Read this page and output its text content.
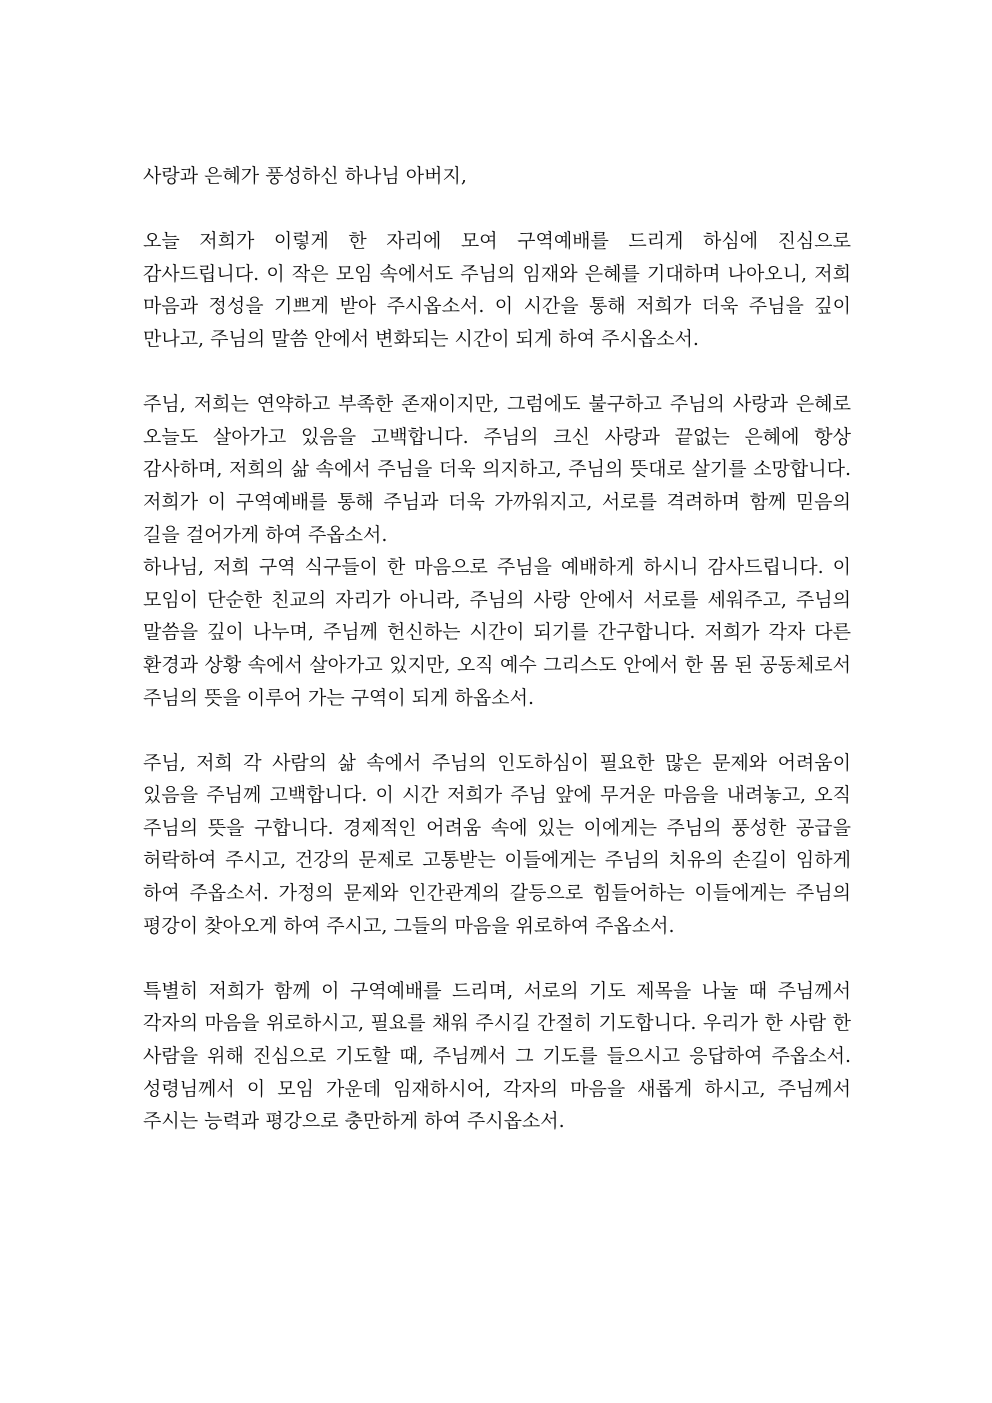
사랑과 은혜가 풍성하신 하나님 아버지,

오늘 저희가 이렇게 한 자리에 모여 구역예배를 드리게 하심에 진심으로 감사드립니다. 이 작은 모임 속에서도 주님의 임재와 은혜를 기대하며 나아오니, 저희 마음과 정성을 기쁘게 받아 주시옵소서. 이 시간을 통해 저희가 더욱 주님을 깊이 만나고, 주님의 말씀 안에서 변화되는 시간이 되게 하여 주시옵소서.

주님, 저희는 연약하고 부족한 존재이지만, 그럼에도 불구하고 주님의 사랑과 은혜로 오늘도 살아가고 있음을 고백합니다. 주님의 크신 사랑과 끝없는 은혜에 항상 감사하며, 저희의 삶 속에서 주님을 더욱 의지하고, 주님의 뜻대로 살기를 소망합니다. 저희가 이 구역예배를 통해 주님과 더욱 가까워지고, 서로를 격려하며 함께 믿음의 길을 걸어가게 하여 주옵소서.

하나님, 저희 구역 식구들이 한 마음으로 주님을 예배하게 하시니 감사드립니다. 이 모임이 단순한 친교의 자리가 아니라, 주님의 사랑 안에서 서로를 세워주고, 주님의 말씀을 깊이 나누며, 주님께 헌신하는 시간이 되기를 간구합니다. 저희가 각자 다른 환경과 상황 속에서 살아가고 있지만, 오직 예수 그리스도 안에서 한 몸 된 공동체로서 주님의 뜻을 이루어 가는 구역이 되게 하옵소서.

주님, 저희 각 사람의 삶 속에서 주님의 인도하심이 필요한 많은 문제와 어려움이 있음을 주님께 고백합니다. 이 시간 저희가 주님 앞에 무거운 마음을 내려놓고, 오직 주님의 뜻을 구합니다. 경제적인 어려움 속에 있는 이에게는 주님의 풍성한 공급을 허락하여 주시고, 건강의 문제로 고통받는 이들에게는 주님의 치유의 손길이 임하게 하여 주옵소서. 가정의 문제와 인간관계의 갈등으로 힘들어하는 이들에게는 주님의 평강이 찾아오게 하여 주시고, 그들의 마음을 위로하여 주옵소서.

특별히 저희가 함께 이 구역예배를 드리며, 서로의 기도 제목을 나눌 때 주님께서 각자의 마음을 위로하시고, 필요를 채워 주시길 간절히 기도합니다. 우리가 한 사람 한 사람을 위해 진심으로 기도할 때, 주님께서 그 기도를 들으시고 응답하여 주옵소서. 성령님께서 이 모임 가운데 임재하시어, 각자의 마음을 새롭게 하시고, 주님께서 주시는 능력과 평강으로 충만하게 하여 주시옵소서.
